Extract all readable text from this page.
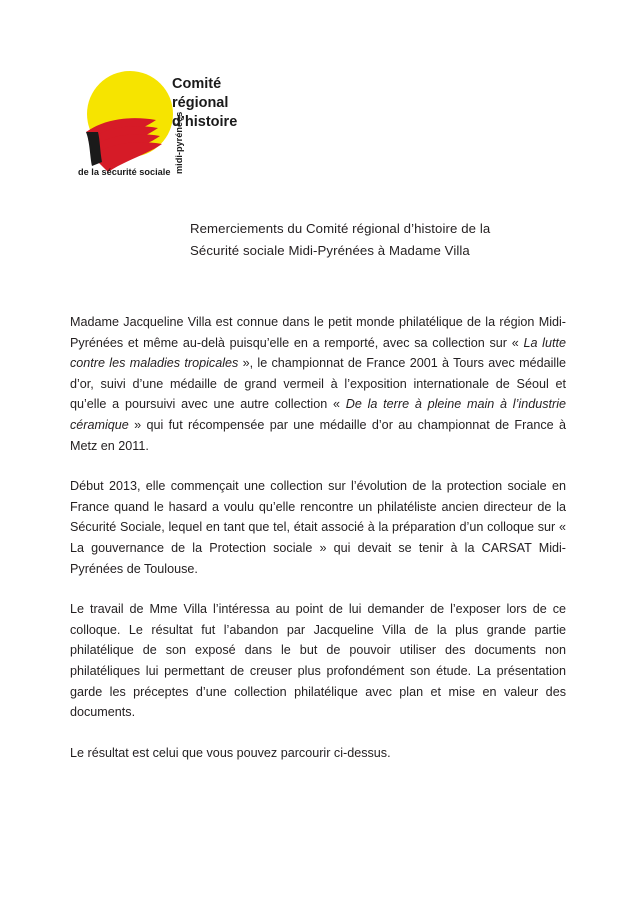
Comité
régional
d’histoire
de la sécurité sociale midi-pyrénées
Remerciements du Comité régional d’histoire de la
Sécurité sociale Midi-Pyrénées à Madame Villa

Madame Jacqueline Villa est connue dans le petit monde philatélique de la région Midi-Pyrénées et même au-delà puisqu’elle en a remporté, avec sa collection sur « La lutte contre les maladies tropicales », le championnat de France 2001 à Tours avec médaille d’or, suivi d’une médaille de grand vermeil à l’exposition internationale de Séoul et qu’elle a poursuivi avec une autre collection « De la terre à pleine main à l’industrie céramique » qui fut récompensée par une médaille d’or au championnat de France à Metz en 2011.

Début 2013, elle commençait une collection sur l’évolution de la protection sociale en France quand le hasard a voulu qu’elle rencontre un philatéliste ancien directeur de la Sécurité Sociale, lequel en tant que tel, était associé à la préparation d’un colloque sur « La gouvernance de la Protection sociale » qui devait se tenir à la CARSAT Midi-Pyrénées de Toulouse.

Le travail de Mme Villa l’intéressa au point de lui demander de l’exposer lors de ce colloque. Le résultat fut l’abandon par Jacqueline Villa de la plus grande partie philatélique de son exposé dans le but de pouvoir utiliser des documents non philatéliques lui permettant de creuser plus profondément son étude. La présentation garde les préceptes d’une collection philatélique avec plan et mise en valeur des documents.

Le résultat est celui que vous pouvez parcourir ci-dessus.
